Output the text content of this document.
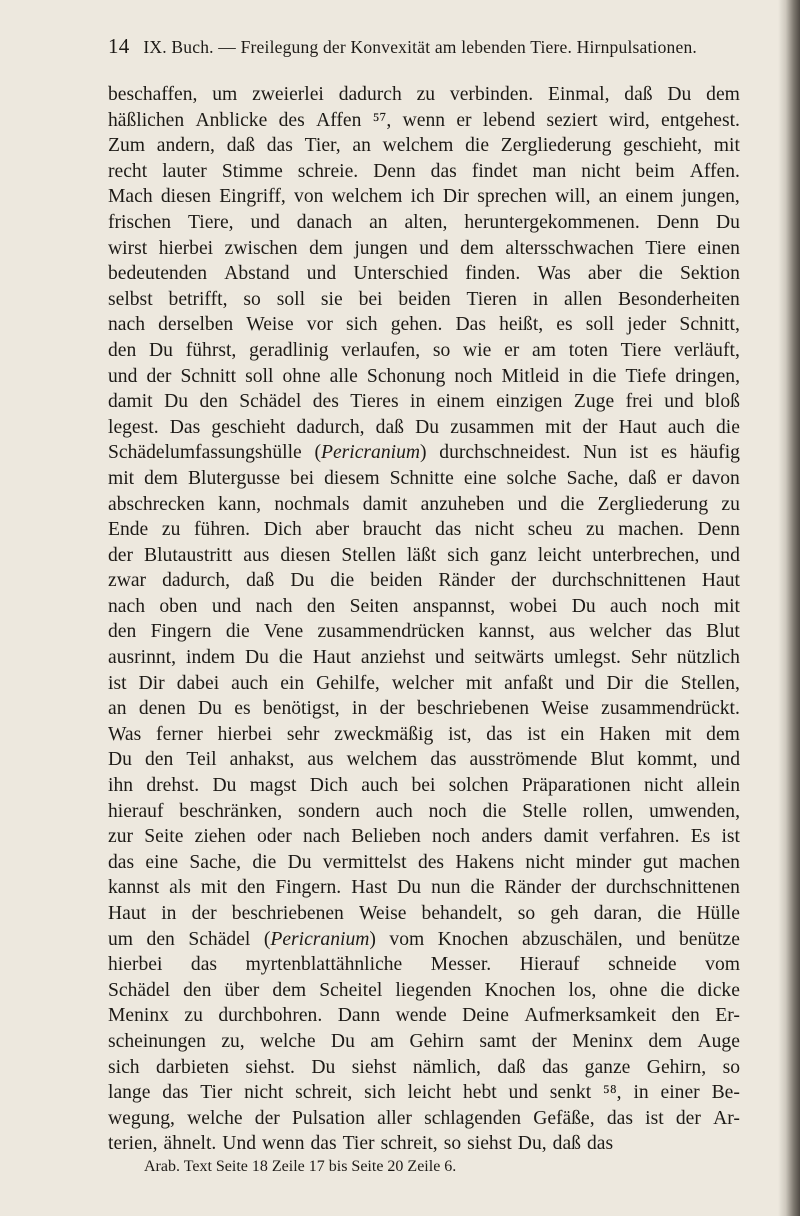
14 IX. Buch. — Freilegung der Konvexität am lebenden Tiere. Hirnpulsationen.
beschaffen, um zweierlei dadurch zu verbinden. Einmal, daß Du dem
häßlichen Anblicke des Affen ⁵⁷, wenn er lebend seziert wird, entgehest.
Zum andern, daß das Tier, an welchem die Zergliederung geschieht, mit
recht lauter Stimme schreie. Denn das findet man nicht beim Affen.
Mach diesen Eingriff, von welchem ich Dir sprechen will, an einem jungen,
frischen Tiere, und danach an alten, heruntergekommenen. Denn Du
wirst hierbei zwischen dem jungen und dem altersschwachen Tiere einen
bedeutenden Abstand und Unterschied finden. Was aber die Sektion
selbst betrifft, so soll sie bei beiden Tieren in allen Besonderheiten
nach derselben Weise vor sich gehen. Das heißt, es soll jeder Schnitt,
den Du führst, geradlinig verlaufen, so wie er am toten Tiere verläuft,
und der Schnitt soll ohne alle Schonung noch Mitleid in die Tiefe dringen,
damit Du den Schädel des Tieres in einem einzigen Zuge frei und bloß
legest. Das geschieht dadurch, daß Du zusammen mit der Haut auch die
Schädelumfassungshülle (Pericranium) durchschneidest. Nun ist es häufig
mit dem Blutergusse bei diesem Schnitte eine solche Sache, daß er davon
abschrecken kann, nochmals damit anzuheben und die Zergliederung zu
Ende zu führen. Dich aber braucht das nicht scheu zu machen. Denn
der Blutaustritt aus diesen Stellen läßt sich ganz leicht unterbrechen, und
zwar dadurch, daß Du die beiden Ränder der durchschnittenen Haut
nach oben und nach den Seiten anspannst, wobei Du auch noch mit
den Fingern die Vene zusammendrücken kannst, aus welcher das Blut
ausrinnt, indem Du die Haut anziehst und seitwärts umlegst. Sehr nützlich
ist Dir dabei auch ein Gehilfe, welcher mit anfaßt und Dir die Stellen,
an denen Du es benötigst, in der beschriebenen Weise zusammendrückt.
Was ferner hierbei sehr zweckmäßig ist, das ist ein Haken mit dem
Du den Teil anhakst, aus welchem das ausströmende Blut kommt, und
ihn drehst. Du magst Dich auch bei solchen Präparationen nicht allein
hierauf beschränken, sondern auch noch die Stelle rollen, umwenden,
zur Seite ziehen oder nach Belieben noch anders damit verfahren. Es ist
das eine Sache, die Du vermittelst des Hakens nicht minder gut machen
kannst als mit den Fingern. Hast Du nun die Ränder der durchschnittenen
Haut in der beschriebenen Weise behandelt, so geh daran, die Hülle
um den Schädel (Pericranium) vom Knochen abzuschälen, und benütze
hierbei das myrtenblattähnliche Messer. Hierauf schneide vom
Schädel den über dem Scheitel liegenden Knochen los, ohne die dicke
Meninx zu durchbohren. Dann wende Deine Aufmerksamkeit den Er-
scheinungen zu, welche Du am Gehirn samt der Meninx dem Auge
sich darbieten siehst. Du siehst nämlich, daß das ganze Gehirn, so
lange das Tier nicht schreit, sich leicht hebt und senkt ⁵⁸, in einer Be-
wegung, welche der Pulsation aller schlagenden Gefäße, das ist der Ar-
terien, ähnelt. Und wenn das Tier schreit, so siehst Du, daß das
Arab. Text Seite 18 Zeile 17 bis Seite 20 Zeile 6.
